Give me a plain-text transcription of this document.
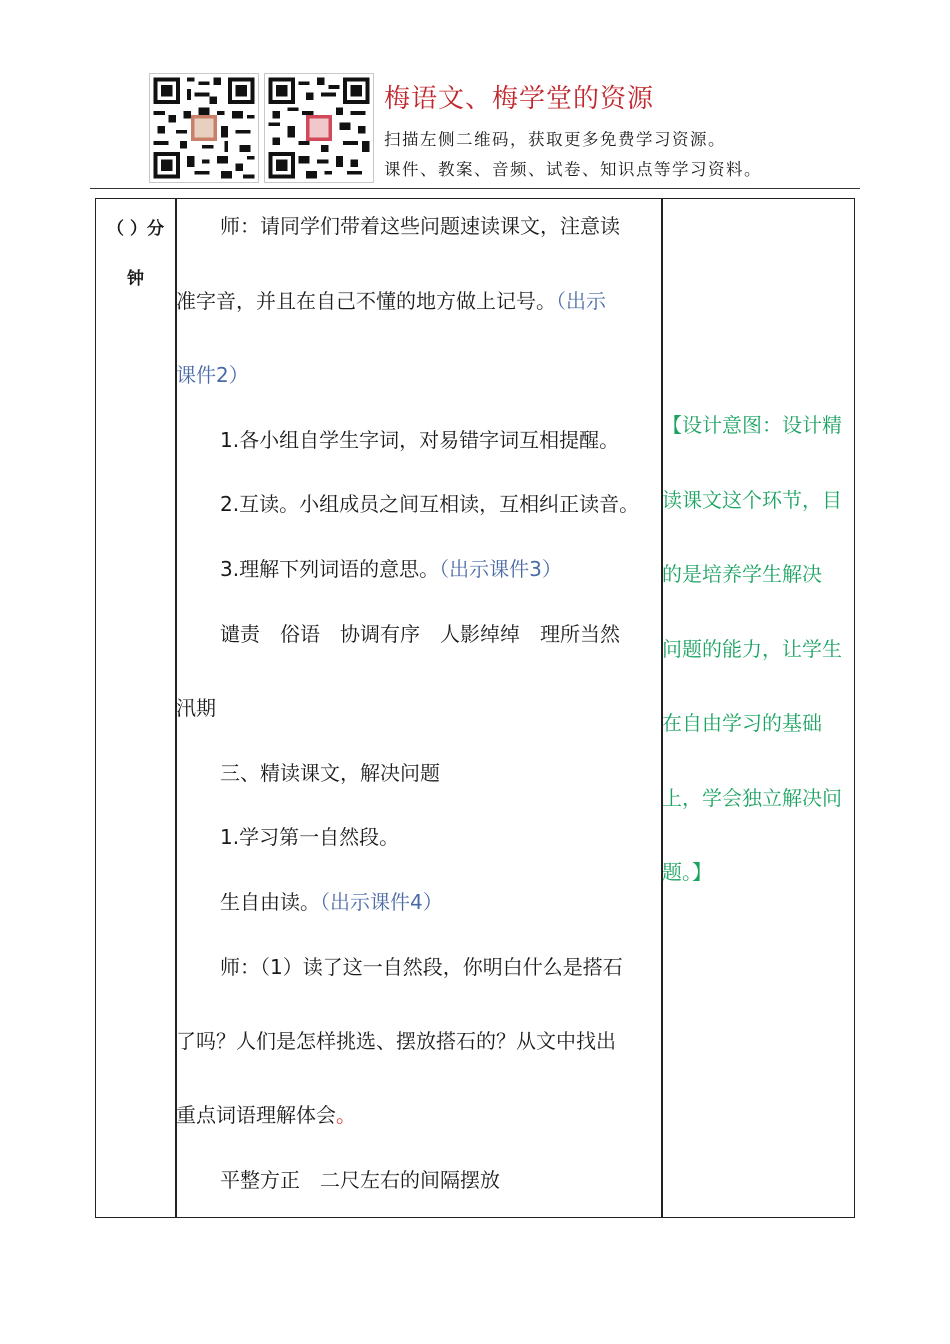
梅语文、梅学堂的资源
扫描左侧二维码，获取更多免费学习资源。
课件、教案、音频、试卷、知识点等学习资料。
（ ）分
钟
师：请同学们带着这些问题速读课文，注意读
准字音，并且在自己不懂的地方做上记号。（出示
课件2）
1.各小组自学生字词，对易错字词互相提醒。
2.互读。小组成员之间互相读，互相纠正读音。
3.理解下列词语的意思。（出示课件3）
谴责　俗语　协调有序　人影绰绰　理所当然
汛期
三、精读课文，解决问题
1.学习第一自然段。
生自由读。（出示课件4）
师：（1）读了这一自然段，你明白什么是搭石
了吗？人们是怎样挑选、摆放搭石的？从文中找出
重点词语理解体会。
平整方正　二尺左右的间隔摆放
【设计意图：设计精
读课文这个环节，目
的是培养学生解决
问题的能力，让学生
在自由学习的基础
上，学会独立解决问
题。】
